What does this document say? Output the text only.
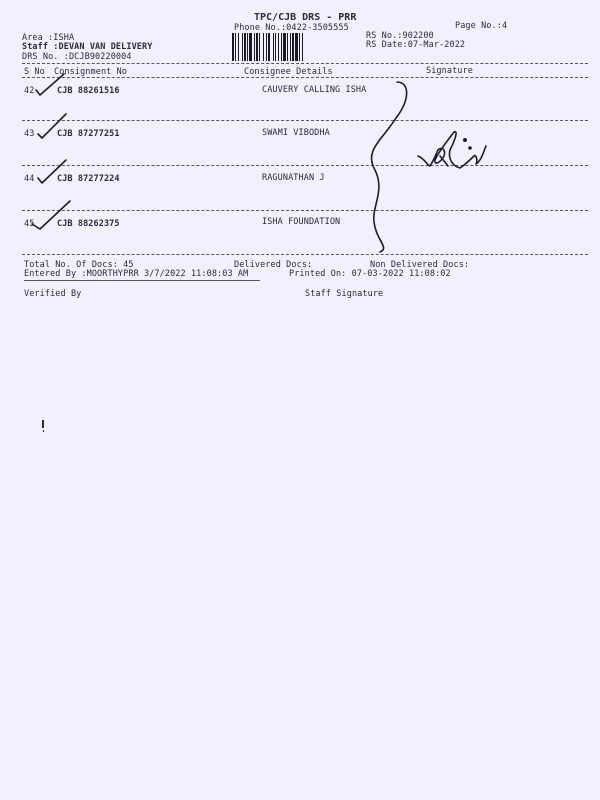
TPC/CJB DRS - PRR
Phone No.:0422-3505555	Page No.:4
RS No.:902200
RS Date:07-Mar-2022
Area :ISHA
Staff :DEVAN VAN DELIVERY
DRS No. :DCJB90220004
S No Consignment No	Consignee Details	Signature
42	CJB 88261516	CAUVERY CALLING ISHA
43	CJB 87277251	SWAMI VIBODHA
44	CJB 87277224	RAGUNATHAN J
45	CJB 88262375	ISHA FOUNDATION
Total No. Of Docs: 45	Delivered Docs:	Non Delivered Docs:
Entered By :MOORTHYPRR 3/7/2022 11:08:03 AM	Printed On: 07-03-2022 11:08:02
Verified By	Staff Signature
